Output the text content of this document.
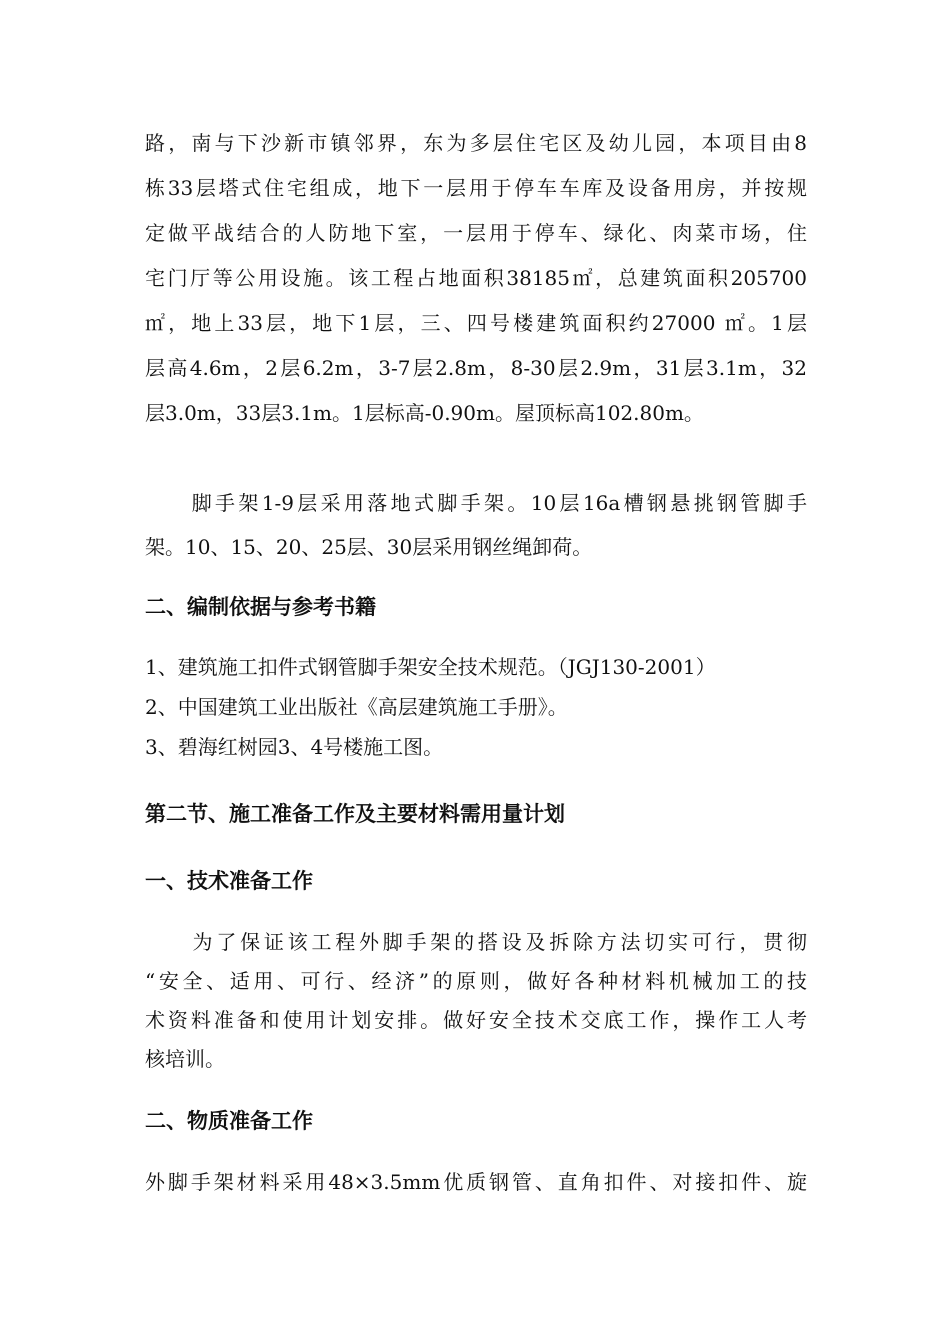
路，南与下沙新市镇邻界，东为多层住宅区及幼儿园，本项目由8
栋33层塔式住宅组成，地下一层用于停车车库及设备用房，并按规
定做平战结合的人防地下室，一层用于停车、绿化、肉菜市场，住
宅门厅等公用设施。该工程占地面积38185㎡，总建筑面积205700
㎡，地上33层，地下1层，三、四号楼建筑面积约27000 ㎡。1层
层高4.6m，2层6.2m，3-7层2.8m，8-30层2.9m，31层3.1m，32
层3.0m，33层3.1m。1层标高-0.90m。屋顶标高102.80m。
　　脚手架1-9层采用落地式脚手架。10层16a槽钢悬挑钢管脚手
架。10、15、20、25层、30层采用钢丝绳卸荷。
二、编制依据与参考书籍
1、建筑施工扣件式钢管脚手架安全技术规范。（JGJ130-2001）
2、中国建筑工业出版社《高层建筑施工手册》。
3、碧海红树园3、4号楼施工图。
第二节、施工准备工作及主要材料需用量计划
一、技术准备工作
　　为了保证该工程外脚手架的搭设及拆除方法切实可行，贯彻
“安全、适用、可行、经济”的原则，做好各种材料机械加工的技
术资料准备和使用计划安排。做好安全技术交底工作，操作工人考
核培训。
二、物质准备工作
外脚手架材料采用48×3.5mm优质钢管、直角扣件、对接扣件、旋
